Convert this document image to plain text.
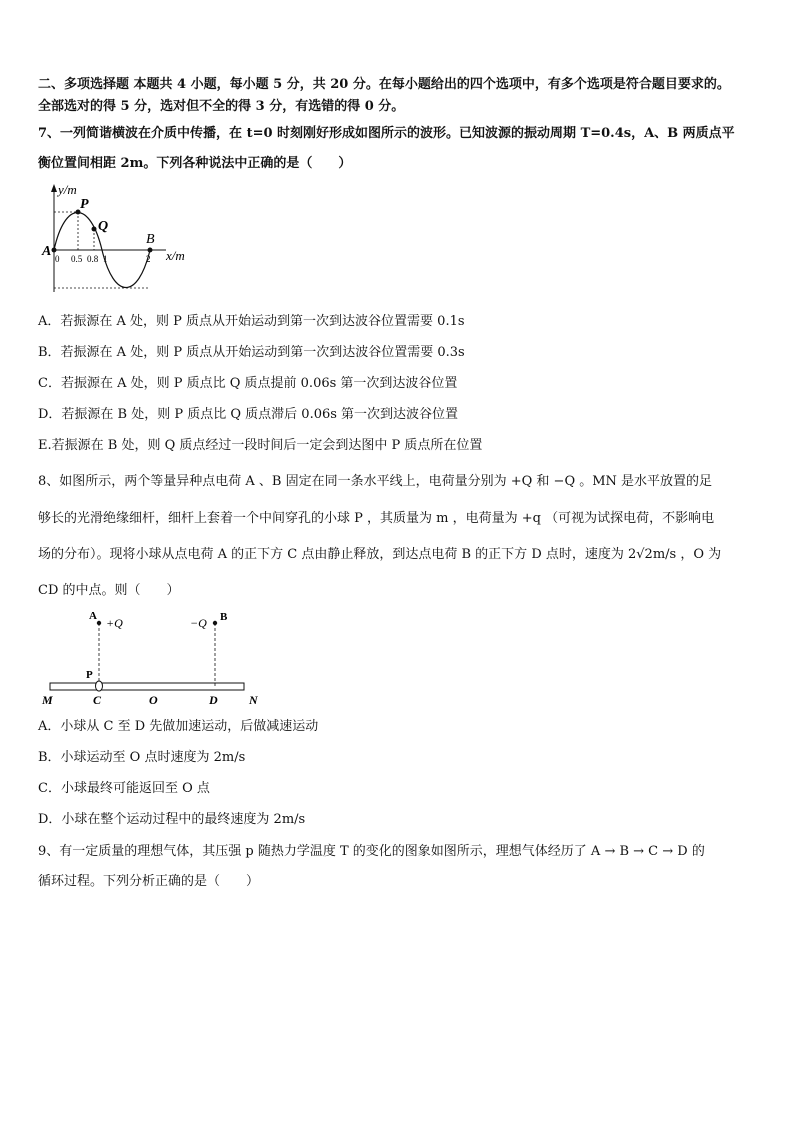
二、多项选择题 本题共 4 小题，每小题 5 分，共 20 分。在每小题给出的四个选项中，有多个选项是符合题目要求的。
全部选对的得 5 分，选对但不全的得 3 分，有选错的得 0 分。
7、一列简谐横波在介质中传播，在 t=0 时刻刚好形成如图所示的波形。已知波源的振动周期 T=0.4s，A、B 两质点平
衡位置间相距 2m。下列各种说法中正确的是（　　）
y/m
P
Q
A
B
x/m
0 0.5 0.8 1	2
A．若振源在 A 处，则 P 质点从开始运动到第一次到达波谷位置需要 0.1s
B．若振源在 A 处，则 P 质点从开始运动到第一次到达波谷位置需要 0.3s
C．若振源在 A 处，则 P 质点比 Q 质点提前 0.06s 第一次到达波谷位置
D．若振源在 B 处，则 P 质点比 Q 质点滞后 0.06s 第一次到达波谷位置
E.若振源在 B 处，则 Q 质点经过一段时间后一定会到达图中 P 质点所在位置
8、如图所示，两个等量异种点电荷 A 、B 固定在同一条水平线上，电荷量分别为 +Q 和 −Q 。MN 是水平放置的足
够长的光滑绝缘细杆，细杆上套着一个中间穿孔的小球 P ，其质量为 m ，电荷量为 +q （可视为试探电荷，不影响电
场的分布）。现将小球从点电荷 A 的正下方 C 点由静止释放，到达点电荷 B 的正下方 D 点时，速度为 2√2m/s ，O 为
CD 的中点。则（　　）
A +Q	−Q B
P
M	C	O	D	N
A．小球从 C 至 D 先做加速运动，后做减速运动
B．小球运动至 O 点时速度为 2m/s
C．小球最终可能返回至 O 点
D．小球在整个运动过程中的最终速度为 2m/s
9、有一定质量的理想气体，其压强 p 随热力学温度 T 的变化的图象如图所示，理想气体经历了 A → B → C → D 的
循环过程。下列分析正确的是（　　）
